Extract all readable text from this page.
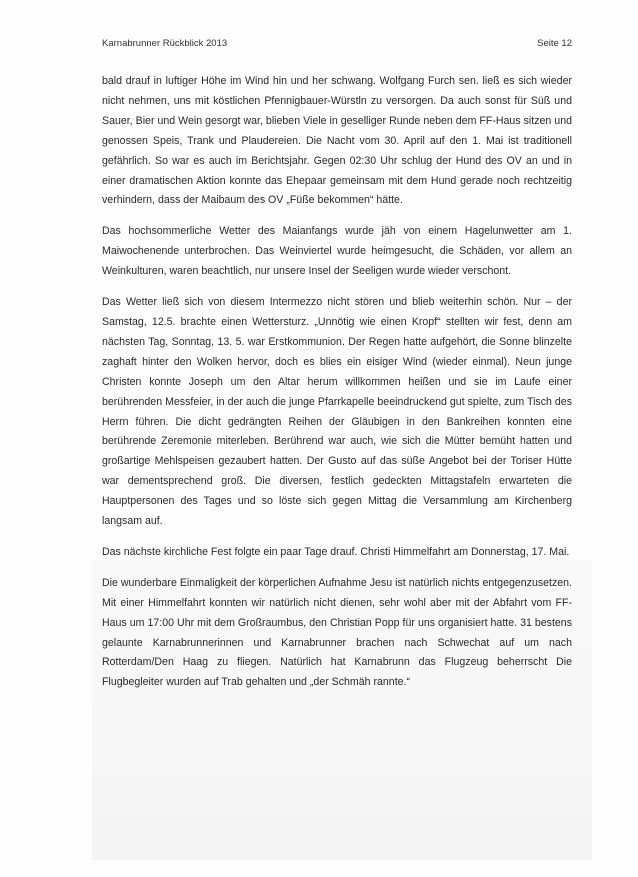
Karnabrunner Rückblick 2013	Seite 12

bald drauf in luftiger Höhe im Wind hin und her schwang. Wolfgang Furch sen. ließ es sich wieder nicht nehmen, uns mit köstlichen Pfennigbauer-Würstln zu versorgen. Da auch sonst für Süß und Sauer, Bier und Wein gesorgt war, blieben Viele in geselliger Runde neben dem FF-Haus sitzen und genossen Speis, Trank und Plaudereien. Die Nacht vom 30. April auf den 1. Mai ist traditionell gefährlich. So war es auch im Berichtsjahr. Gegen 02:30 Uhr schlug der Hund des OV an und in einer dramatischen Aktion konnte das Ehepaar gemeinsam mit dem Hund gerade noch rechtzeitig verhindern, dass der Maibaum des OV „Füße bekommen“ hätte.

Das hochsommerliche Wetter des Maianfangs wurde jäh von einem Hagelunwetter am 1. Maiwochenende unterbrochen. Das Weinviertel wurde heimgesucht, die Schäden, vor allem an Weinkulturen, waren beachtlich, nur unsere Insel der Seeligen wurde wieder verschont.

Das Wetter ließ sich von diesem Intermezzo nicht stören und blieb weiterhin schön. Nur – der Samstag, 12.5. brachte einen Wettersturz. „Unnötig wie einen Kropf“ stellten wir fest, denn am nächsten Tag, Sonntag, 13. 5. war Erstkommunion. Der Regen hatte aufgehört, die Sonne blinzelte zaghaft hinter den Wolken hervor, doch es blies ein eisiger Wind (wieder einmal). Neun junge Christen konnte Joseph um den Altar herum willkommen heißen und sie im Laufe einer berührenden Messfeier, in der auch die junge Pfarrkapelle beeindruckend gut spielte, zum Tisch des Herrn führen. Die dicht gedrängten Reihen der Gläubigen in den Bankreihen konnten eine berührende Zeremonie miterleben. Berührend war auch, wie sich die Mütter bemüht hatten und großartige Mehlspeisen gezaubert hatten. Der Gusto auf das süße Angebot bei der Toriser Hütte war dementsprechend groß. Die diversen, festlich gedeckten Mittagstafeln erwarteten die Hauptpersonen des Tages und so löste sich gegen Mittag die Versammlung am Kirchenberg langsam auf.

Das nächste kirchliche Fest folgte ein paar Tage drauf. Christi Himmelfahrt am Donnerstag, 17. Mai.

Die wunderbare Einmaligkeit der körperlichen Aufnahme Jesu ist natürlich nichts entgegenzusetzen. Mit einer Himmelfahrt konnten wir natürlich nicht dienen, sehr wohl aber mit der Abfahrt vom FF-Haus um 17:00 Uhr mit dem Großraumbus, den Christian Popp für uns organisiert hatte. 31 bestens gelaunte Karnabrunnerinnen und Karnabrunner brachen nach Schwechat auf um nach Rotterdam/Den Haag zu fliegen. Natürlich hat Karnabrunn das Flugzeug beherrscht Die Flugbegleiter wurden auf Trab gehalten und „der Schmäh rannte.“
